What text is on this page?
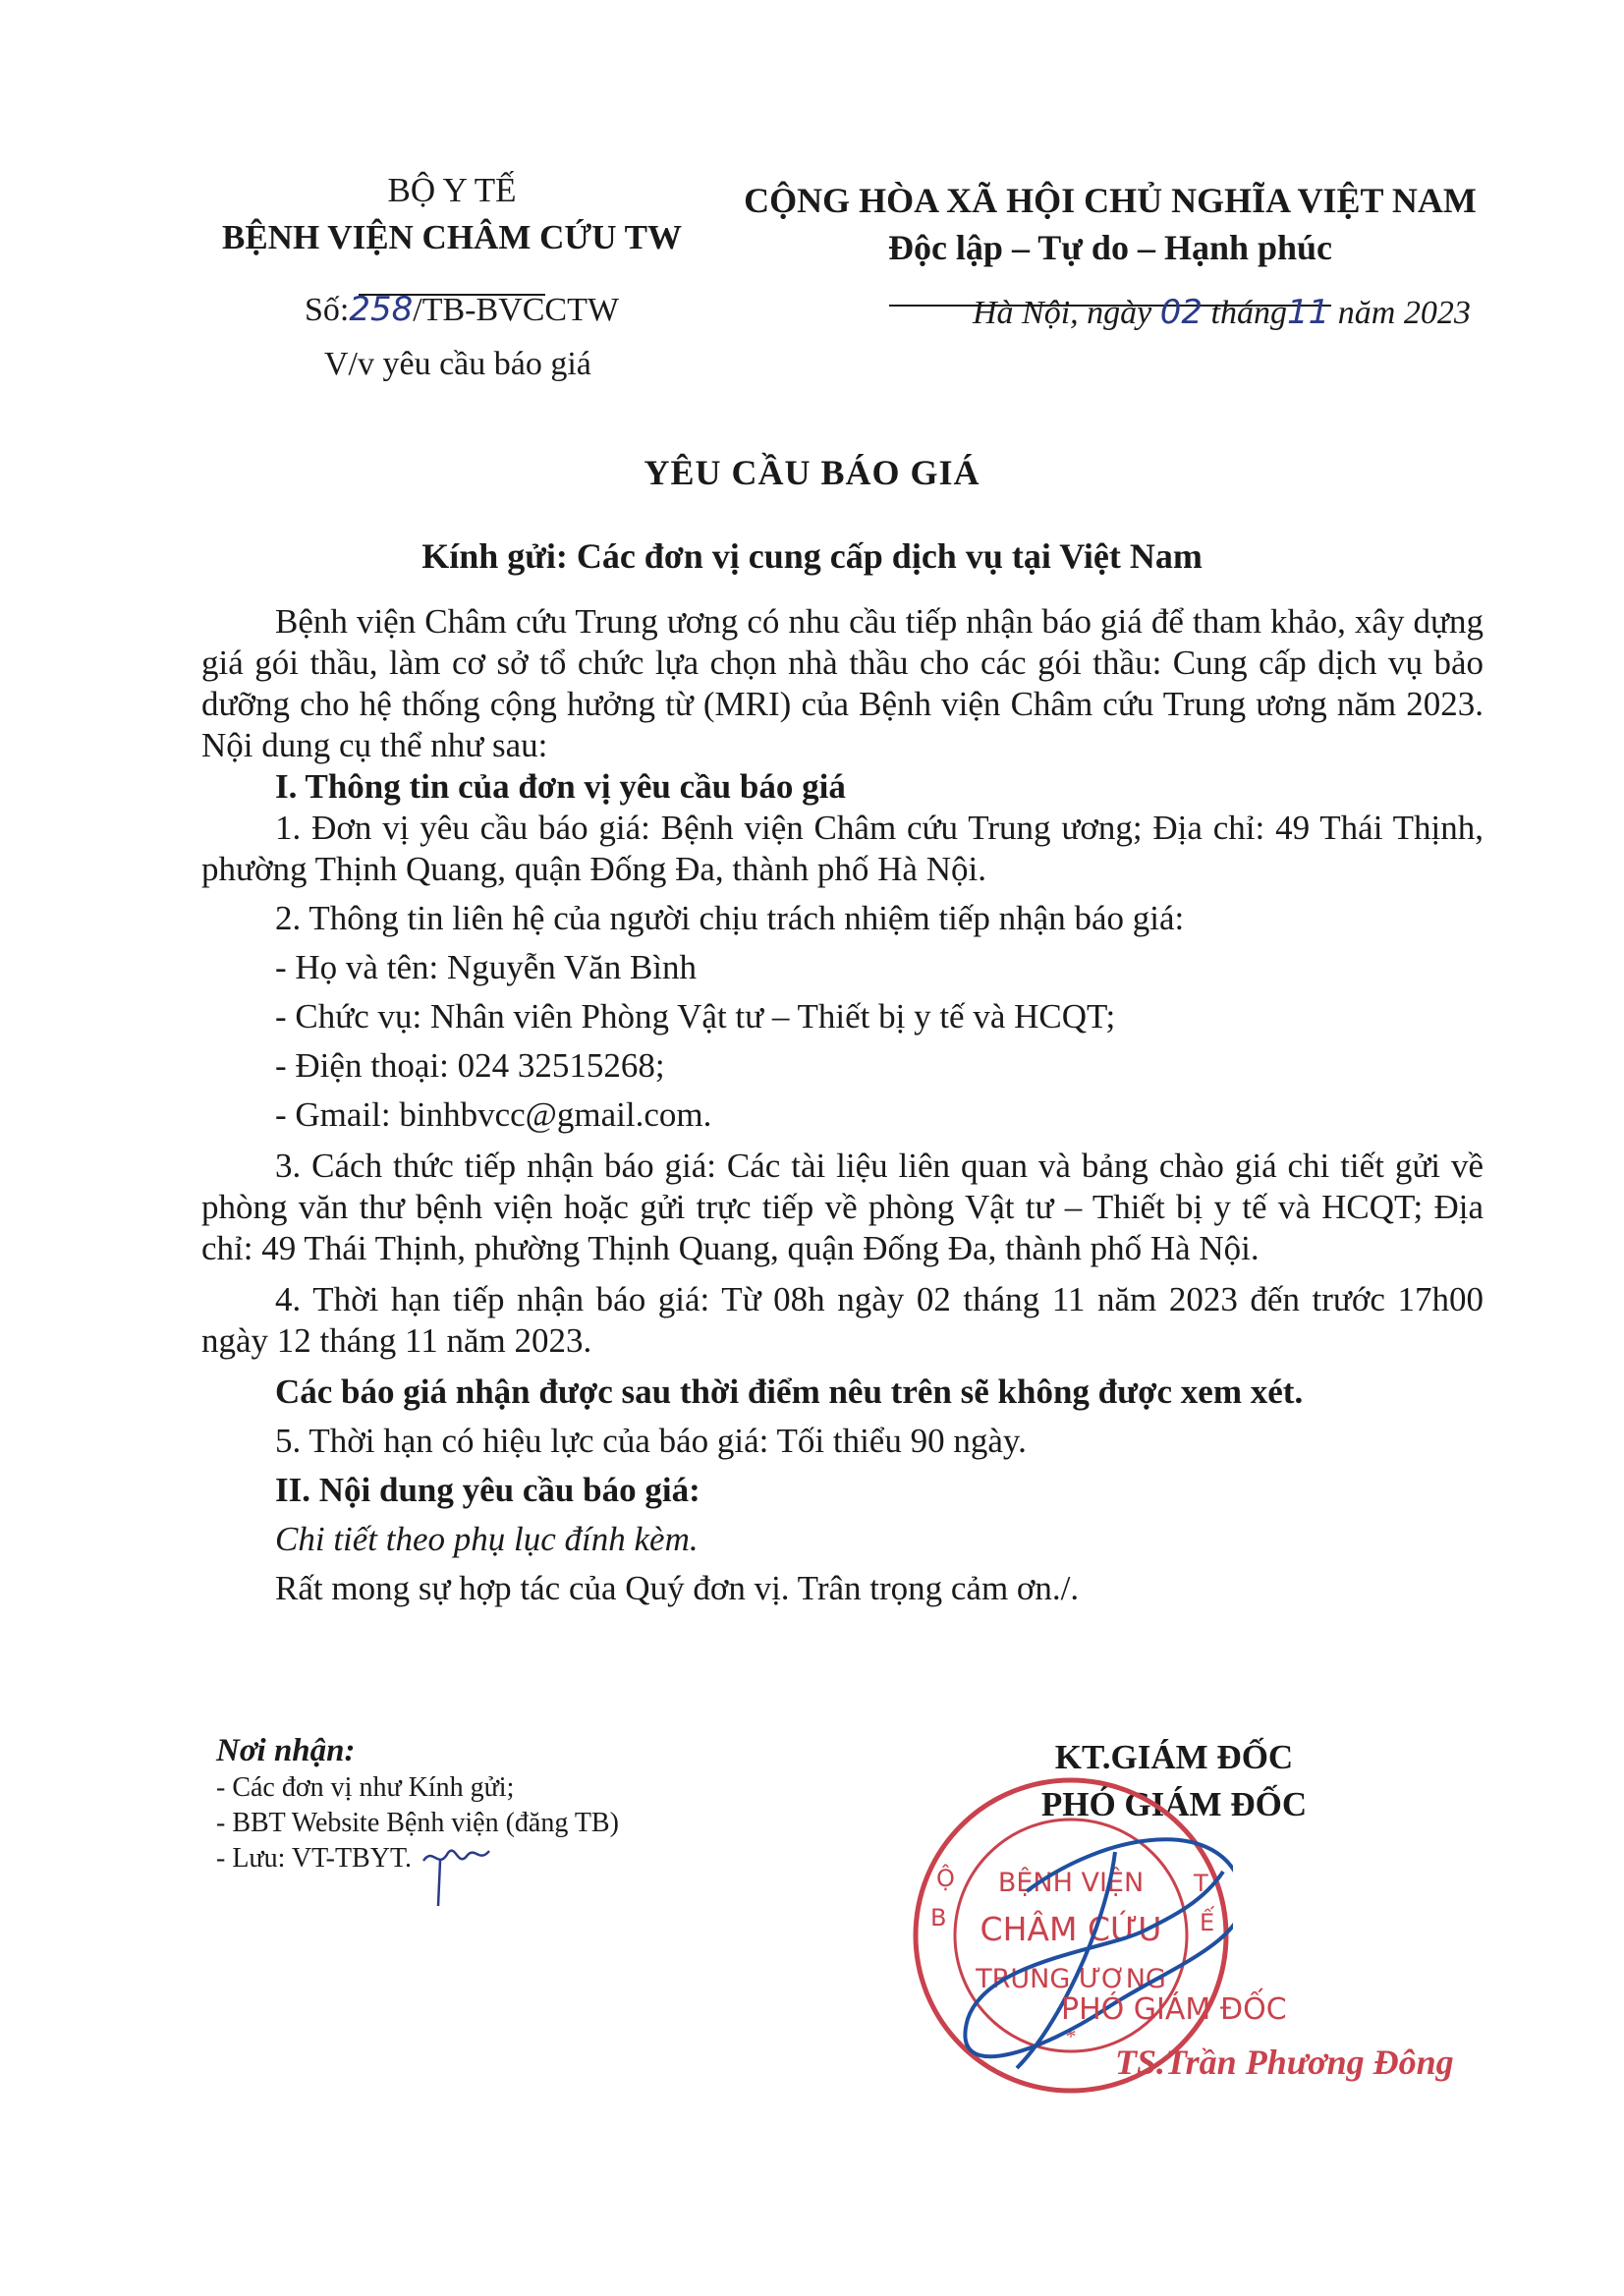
BỘ Y TẾ
BỆNH VIỆN CHÂM CỨU TW
CỘNG HÒA XÃ HỘI CHỦ NGHĨA VIỆT NAM
Độc lập – Tự do – Hạnh phúc
Số:258/TB-BVCCTW	Hà Nội, ngày 02 tháng11 năm 2023
V/v yêu cầu báo giá
YÊU CẦU BÁO GIÁ
Kính gửi: Các đơn vị cung cấp dịch vụ tại Việt Nam

Bệnh viện Châm cứu Trung ương có nhu cầu tiếp nhận báo giá để tham khảo, xây dựng giá gói thầu, làm cơ sở tổ chức lựa chọn nhà thầu cho các gói thầu: Cung cấp dịch vụ bảo dưỡng cho hệ thống cộng hưởng từ (MRI) của Bệnh viện Châm cứu Trung ương năm 2023. Nội dung cụ thể như sau:

I. Thông tin của đơn vị yêu cầu báo giá

1. Đơn vị yêu cầu báo giá: Bệnh viện Châm cứu Trung ương; Địa chỉ: 49 Thái Thịnh, phường Thịnh Quang, quận Đống Đa, thành phố Hà Nội.

2. Thông tin liên hệ của người chịu trách nhiệm tiếp nhận báo giá:

- Họ và tên: Nguyễn Văn Bình

- Chức vụ: Nhân viên Phòng Vật tư – Thiết bị y tế và HCQT;

- Điện thoại: 024 32515268;

- Gmail: binhbvcc@gmail.com.

3. Cách thức tiếp nhận báo giá: Các tài liệu liên quan và bảng chào giá chi tiết gửi về phòng văn thư bệnh viện hoặc gửi trực tiếp về phòng Vật tư – Thiết bị y tế và HCQT; Địa chỉ: 49 Thái Thịnh, phường Thịnh Quang, quận Đống Đa, thành phố Hà Nội.

4. Thời hạn tiếp nhận báo giá: Từ 08h ngày 02 tháng 11 năm 2023 đến trước 17h00 ngày 12 tháng 11 năm 2023.

Các báo giá nhận được sau thời điểm nêu trên sẽ không được xem xét.

5. Thời hạn có hiệu lực của báo giá: Tối thiểu 90 ngày.

II. Nội dung yêu cầu báo giá:

Chi tiết theo phụ lục đính kèm.

Rất mong sự hợp tác của Quý đơn vị. Trân trọng cảm ơn./.

Nơi nhận:
- Các đơn vị như Kính gửi;
- BBT Website Bệnh viện (đăng TB)
- Lưu: VT-TBYT.
KT.GIÁM ĐỐC
PHÓ GIÁM ĐỐC
B
Ộ	T
Ế
BỆNH VIỆN
CHÂM CỨU
TRUNG ƯƠNG
*
PHÓ GIÁM ĐỐC
TS.Trần Phương Đông
